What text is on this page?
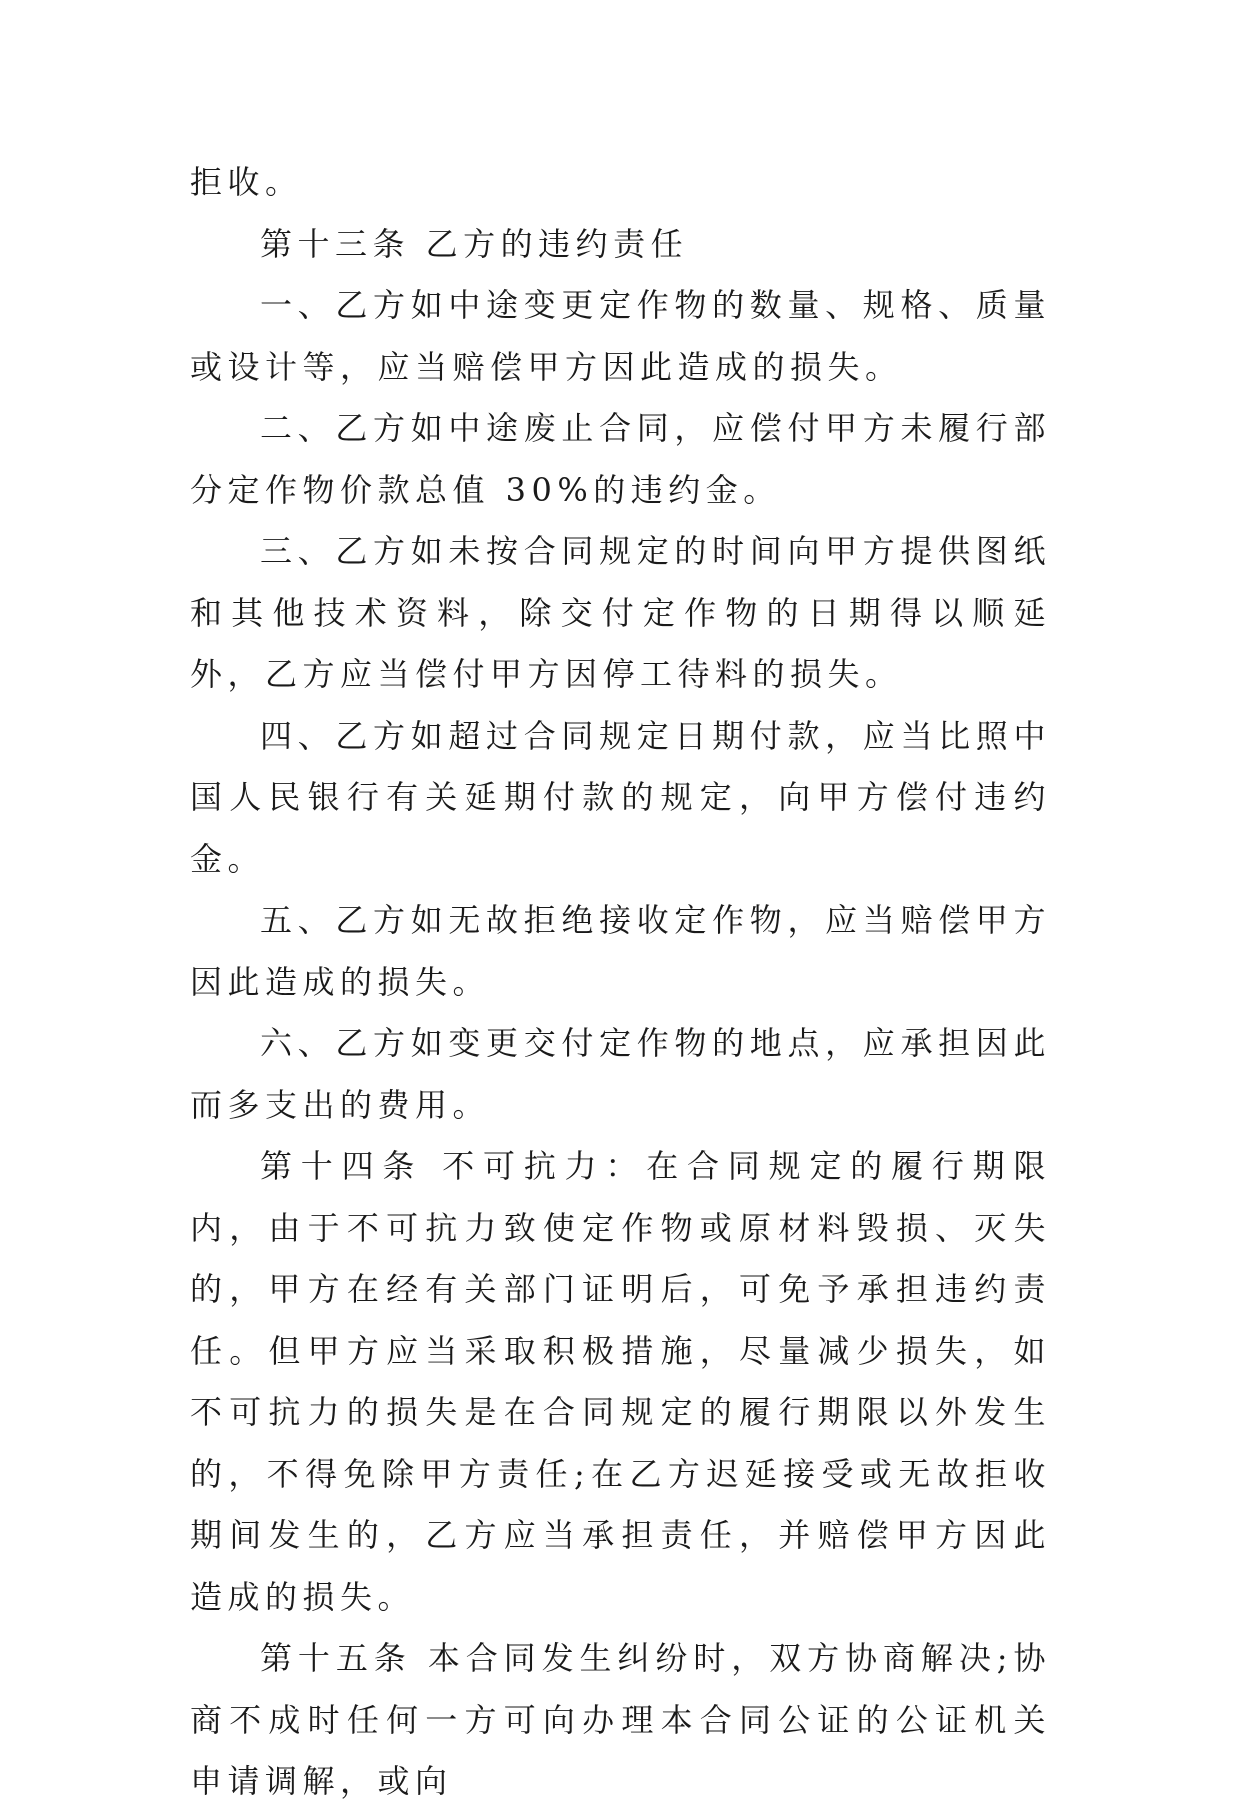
拒收。

第十三条 乙方的违约责任

一、乙方如中途变更定作物的数量、规格、质量或设计等，应当赔偿甲方因此造成的损失。

二、乙方如中途废止合同，应偿付甲方未履行部分定作物价款总值 30%的违约金。

三、乙方如未按合同规定的时间向甲方提供图纸和其他技术资料，除交付定作物的日期得以顺延外，乙方应当偿付甲方因停工待料的损失。

四、乙方如超过合同规定日期付款，应当比照中国人民银行有关延期付款的规定，向甲方偿付违约金。

五、乙方如无故拒绝接收定作物，应当赔偿甲方因此造成的损失。

六、乙方如变更交付定作物的地点，应承担因此而多支出的费用。

第十四条 不可抗力：在合同规定的履行期限内，由于不可抗力致使定作物或原材料毁损、灭失的，甲方在经有关部门证明后，可免予承担违约责任。但甲方应当采取积极措施，尽量减少损失，如不可抗力的损失是在合同规定的履行期限以外发生的，不得免除甲方责任;在乙方迟延接受或无故拒收期间发生的，乙方应当承担责任，并赔偿甲方因此造成的损失。

第十五条 本合同发生纠纷时，双方协商解决;协商不成时任何一方可向办理本合同公证的公证机关申请调解，或向
